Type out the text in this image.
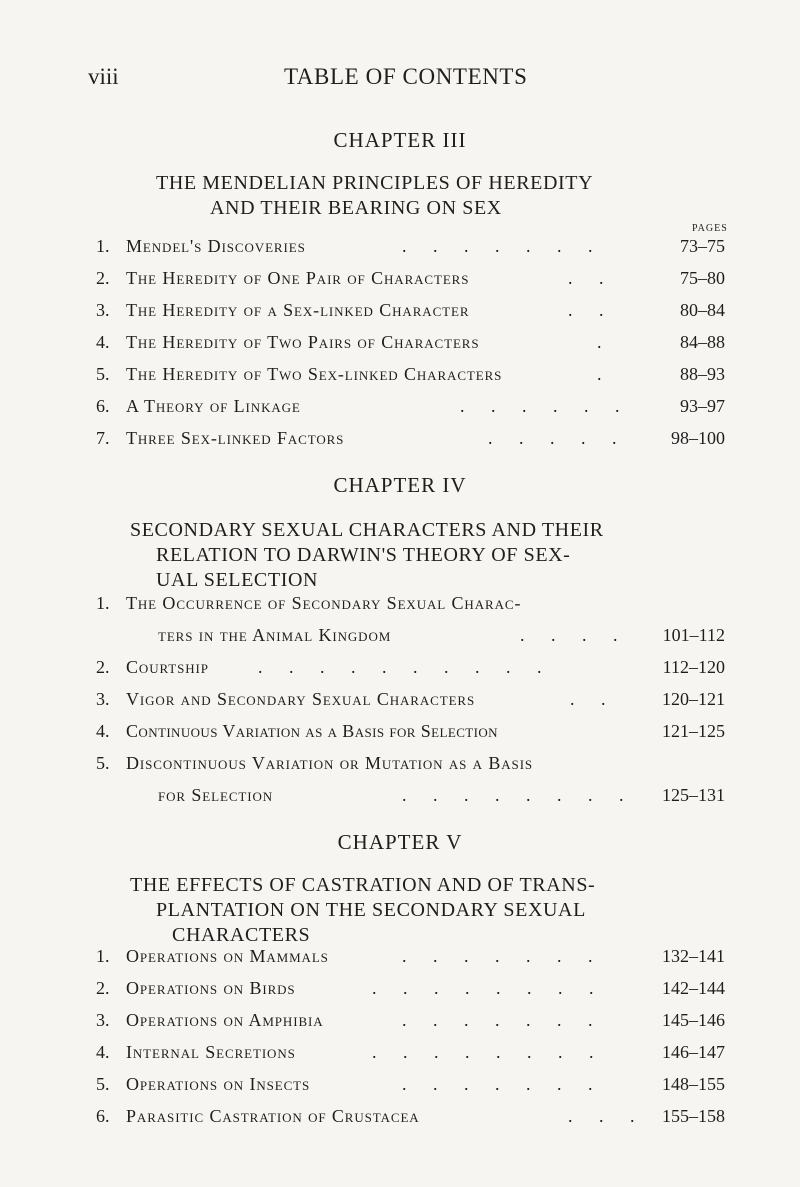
viii	TABLE OF CONTENTS
CHAPTER III
THE MENDELIAN PRINCIPLES OF HEREDITY
AND THEIR BEARING ON SEX
PAGES
1. Mendel's Discoveries	. . . . . . .	73–75
2. The Heredity of One Pair of Characters	. .	75–80
3. The Heredity of a Sex-linked Character	. .	80–84
4. The Heredity of Two Pairs of Characters	.	84–88
5. The Heredity of Two Sex-linked Characters	.	88–93
6. A Theory of Linkage	. . . . . .	93–97
7. Three Sex-linked Factors	. . . . . 98–100
CHAPTER IV
SECONDARY SEXUAL CHARACTERS AND THEIR
RELATION TO DARWIN'S THEORY OF SEX-
UAL SELECTION
1. The Occurrence of Secondary Sexual Charac-
ters in the Animal Kingdom	. . . . 101–112
2. Courtship	. . . . . . . . . .	112–120
3. Vigor and Secondary Sexual Characters	. .	120–121
4. Continuous Variation as a Basis for Selection	121–125
5. Discontinuous Variation or Mutation as a Basis
for Selection	. . . . . . . . 125–131
CHAPTER V
THE EFFECTS OF CASTRATION AND OF TRANS-
PLANTATION ON THE SECONDARY SEXUAL
CHARACTERS
1. Operations on Mammals	. . . . . . .	132–141
2. Operations on Birds	. . . . . . . .	142–144
3. Operations on Amphibia	. . . . . . .	145–146
4. Internal Secretions	. . . . . . . .	146–147
5. Operations on Insects	. . . . . . .	148–155
6. Parasitic Castration of Crustacea	. . . 155–158
